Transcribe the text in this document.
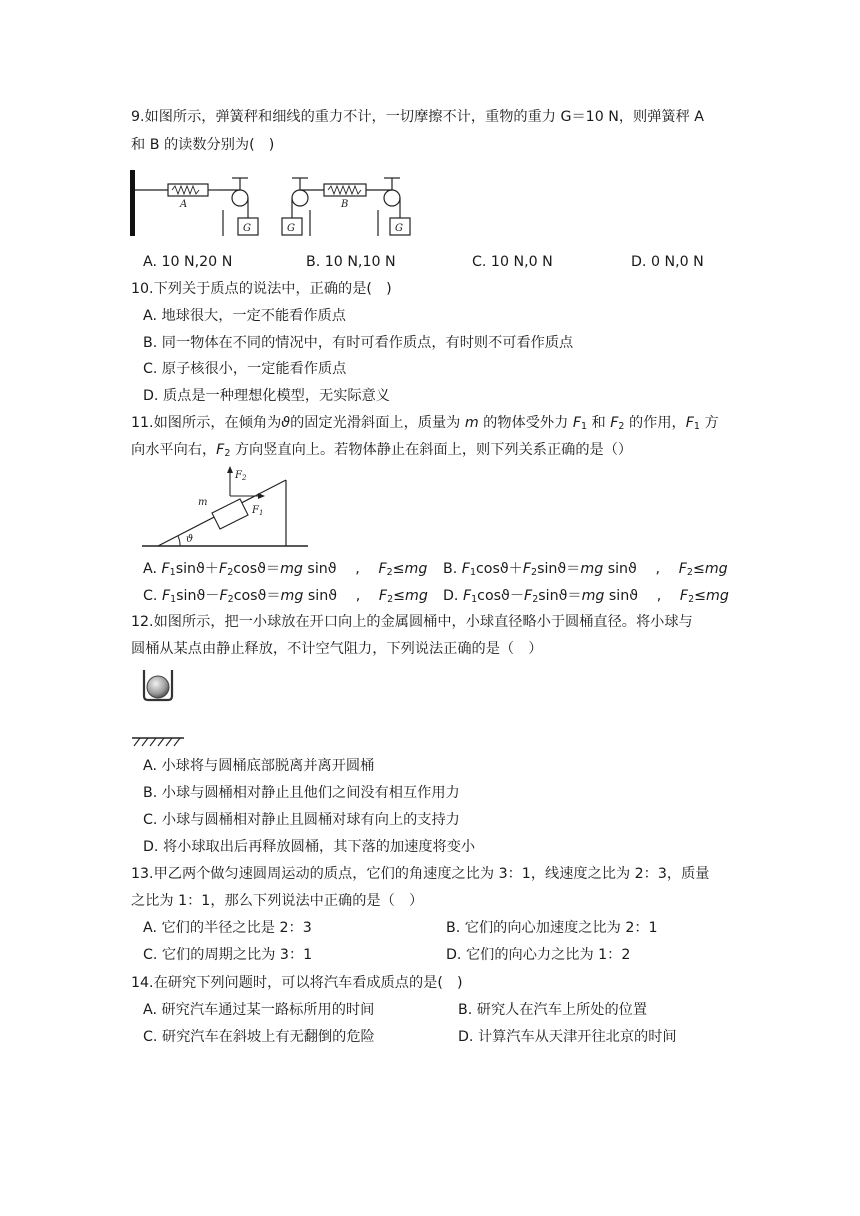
9.如图所示，弹簧秤和细线的重力不计，一切摩擦不计，重物的重力 G＝10 N，则弹簧秤 A
和 B 的读数分别为(　)
A
G	G
B
G
A. 10 N,20 N	B. 10 N,10 N	C. 10 N,0 N	D. 0 N,0 N
10.下列关于质点的说法中，正确的是(　)
A. 地球很大，一定不能看作质点
B. 同一物体在不同的情况中，有时可看作质点，有时则不可看作质点
C. 原子核很小，一定能看作质点
D. 质点是一种理想化模型，无实际意义
11.如图所示，在倾角为ϑ的固定光滑斜面上，质量为 m 的物体受外力 $F_1$ 和 $F_2$ 的作用，$F_1$ 方
向水平向右，$F_2$ 方向竖直向上。若物体静止在斜面上，则下列关系正确的是（）
ϑ
m
$F_2$
$F_1$
A. $F_1\sin ϑ+F_2\cos ϑ=mg$ sinϑ　 ,　 $F_2\le mg$ B. $F_1\cos ϑ+F_2\sin ϑ=mg$ sinϑ　 ,　 $F_2\le mg$
C. $F_1\sin ϑ-F_2\cos ϑ=mg$ sinϑ　 ,　 $F_2\le mg$ D. $F_1\cos ϑ-F_2\sin ϑ=mg$ sinϑ　 ,　 $F_2\le mg$
12.如图所示，把一小球放在开口向上的金属圆桶中，小球直径略小于圆桶直径。将小球与
圆桶从某点由静止释放，不计空气阻力，下列说法正确的是（　）
A. 小球将与圆桶底部脱离并离开圆桶
B. 小球与圆桶相对静止且他们之间没有相互作用力
C. 小球与圆桶相对静止且圆桶对球有向上的支持力
D. 将小球取出后再释放圆桶，其下落的加速度将变小
13.甲乙两个做匀速圆周运动的质点，它们的角速度之比为 3：1，线速度之比为 2：3，质量
之比为 1：1，那么下列说法中正确的是（　）
A. 它们的半径之比是 2：3	B. 它们的向心加速度之比为 2：1
C. 它们的周期之比为 3：1	D. 它们的向心力之比为 1：2
14.在研究下列问题时，可以将汽车看成质点的是(　)
A. 研究汽车通过某一路标所用的时间	B. 研究人在汽车上所处的位置
C. 研究汽车在斜坡上有无翻倒的危险	D. 计算汽车从天津开往北京的时间
